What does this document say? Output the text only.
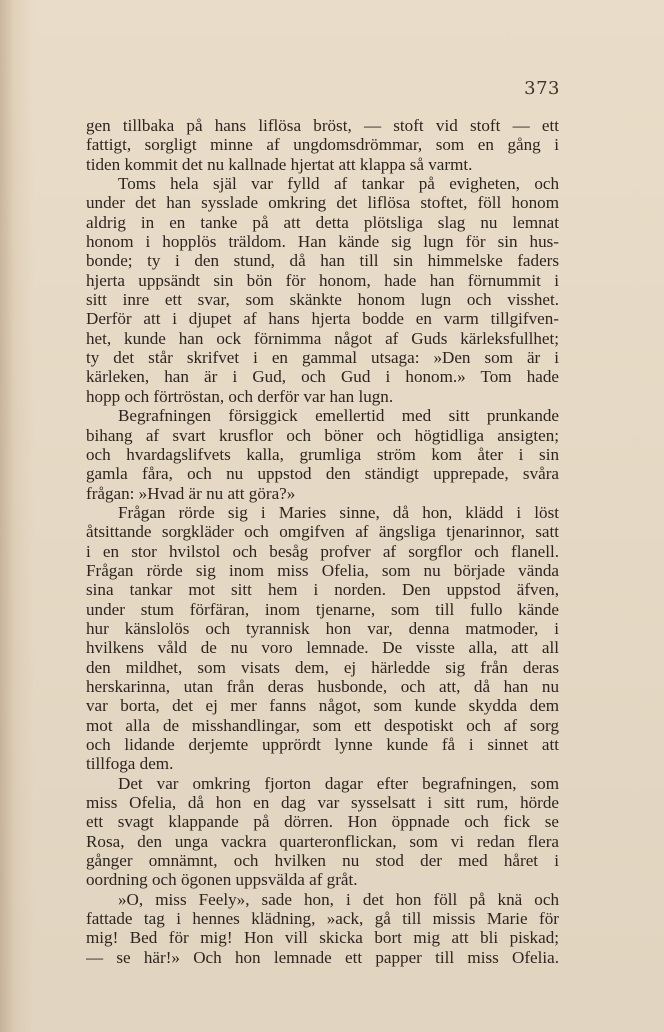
373
gen tillbaka på hans liflösa bröst, — stoft vid stoft — ett
fattigt, sorgligt minne af ungdomsdrömmar, som en gång i
tiden kommit det nu kallnade hjertat att klappa så varmt.
Toms hela själ var fylld af tankar på evigheten, och
under det han sysslade omkring det liflösa stoftet, föll honom
aldrig in en tanke på att detta plötsliga slag nu lemnat
honom i hopplös träldom. Han kände sig lugn för sin hus-
bonde; ty i den stund, då han till sin himmelske faders
hjerta uppsändt sin bön för honom, hade han förnummit i
sitt inre ett svar, som skänkte honom lugn och visshet.
Derför att i djupet af hans hjerta bodde en varm tillgifven-
het, kunde han ock förnimma något af Guds kärleksfullhet;
ty det står skrifvet i en gammal utsaga: »Den som är i
kärleken, han är i Gud, och Gud i honom.» Tom hade
hopp och förtröstan, och derför var han lugn.
Begrafningen försiggick emellertid med sitt prunkande
bihang af svart krusflor och böner och högtidliga ansigten;
och hvardagslifvets kalla, grumliga ström kom åter i sin
gamla fåra, och nu uppstod den ständigt upprepade, svåra
frågan: »Hvad är nu att göra?»
Frågan rörde sig i Maries sinne, då hon, klädd i löst
åtsittande sorgkläder och omgifven af ängsliga tjenarinnor, satt
i en stor hvilstol och besåg profver af sorgflor och flanell.
Frågan rörde sig inom miss Ofelia, som nu började vända
sina tankar mot sitt hem i norden. Den uppstod äfven,
under stum förfäran, inom tjenarne, som till fullo kände
hur känslolös och tyrannisk hon var, denna matmoder, i
hvilkens våld de nu voro lemnade. De visste alla, att all
den mildhet, som visats dem, ej härledde sig från deras
herskarinna, utan från deras husbonde, och att, då han nu
var borta, det ej mer fanns något, som kunde skydda dem
mot alla de misshandlingar, som ett despotiskt och af sorg
och lidande derjemte upprördt lynne kunde få i sinnet att
tillfoga dem.
Det var omkring fjorton dagar efter begrafningen, som
miss Ofelia, då hon en dag var sysselsatt i sitt rum, hörde
ett svagt klappande på dörren. Hon öppnade och fick se
Rosa, den unga vackra quarteronflickan, som vi redan flera
gånger omnämnt, och hvilken nu stod der med håret i
oordning och ögonen uppsvälda af gråt.
»O, miss Feely», sade hon, i det hon föll på knä och
fattade tag i hennes klädning, »ack, gå till missis Marie för
mig! Bed för mig! Hon vill skicka bort mig att bli piskad;
— se här!» Och hon lemnade ett papper till miss Ofelia.
